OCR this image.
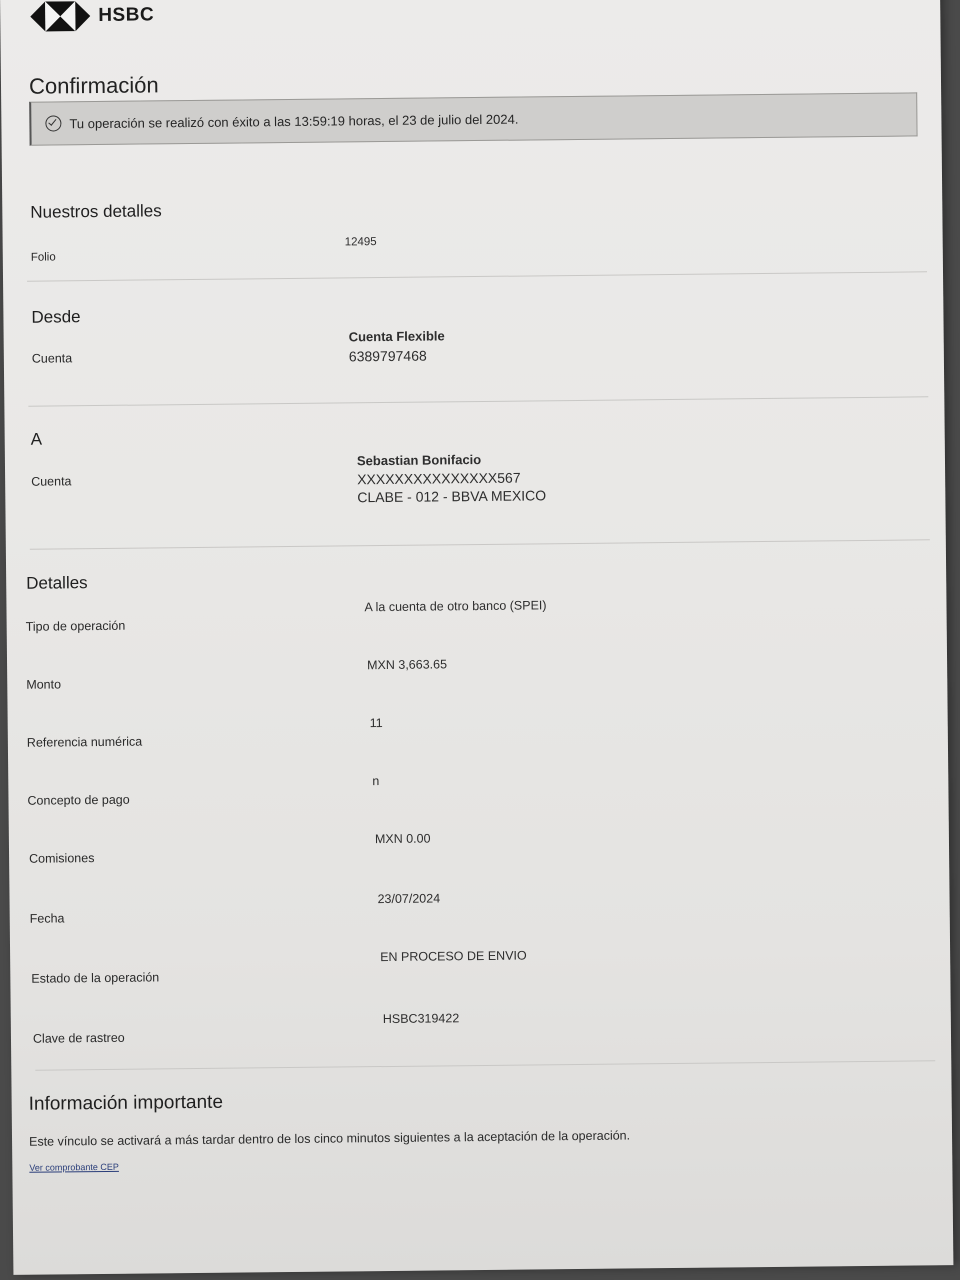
HSBC
Confirmación
Tu operación se realizó con éxito a las 13:59:19 horas, el 23 de julio del 2024.
Nuestros detalles
Folio
12495
Desde
Cuenta
Cuenta Flexible
6389797468
A
Cuenta
Sebastian Bonifacio
XXXXXXXXXXXXXXX567
CLABE - 012 - BBVA MEXICO
Detalles
Tipo de operación
A la cuenta de otro banco (SPEI)
Monto
MXN 3,663.65
Referencia numérica
11
Concepto de pago
n
Comisiones
MXN 0.00
Fecha
23/07/2024
Estado de la operación
EN PROCESO DE ENVIO
Clave de rastreo
HSBC319422
Información importante
Este vínculo se activará a más tardar dentro de los cinco minutos siguientes a la aceptación de la operación.
Ver comprobante CEP
